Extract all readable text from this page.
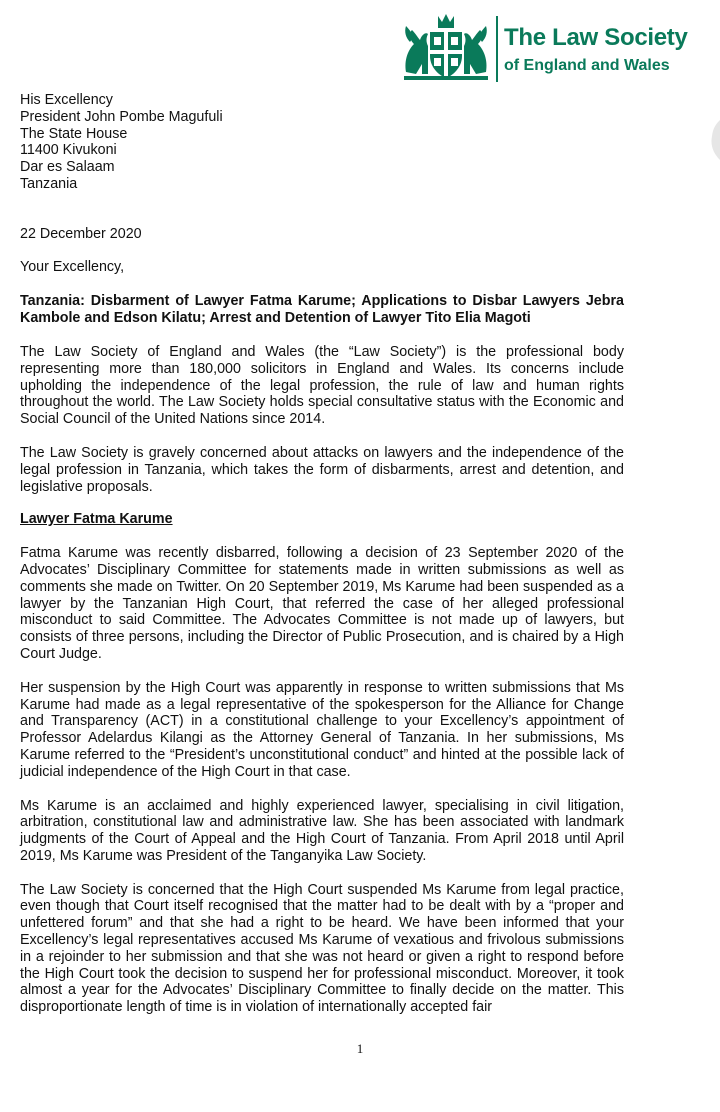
The Law Society
of England and Wales
His Excellency
President John Pombe Magufuli
The State House
11400 Kivukoni
Dar es Salaam
Tanzania
22 December 2020
Your Excellency,
Tanzania: Disbarment of Lawyer Fatma Karume; Applications to Disbar Lawyers Jebra Kambole and Edson Kilatu; Arrest and Detention of Lawyer Tito Elia Magoti
The Law Society of England and Wales (the “Law Society”) is the professional body representing more than 180,000 solicitors in England and Wales. Its concerns include upholding the independence of the legal profession, the rule of law and human rights throughout the world. The Law Society holds special consultative status with the Economic and Social Council of the United Nations since 2014.
The Law Society is gravely concerned about attacks on lawyers and the independence of the legal profession in Tanzania, which takes the form of disbarments, arrest and detention, and legislative proposals.
Lawyer Fatma Karume
Fatma Karume was recently disbarred, following a decision of 23 September 2020 of the Advocates’ Disciplinary Committee for statements made in written submissions as well as comments she made on Twitter. On 20 September 2019, Ms Karume had been suspended as a lawyer by the Tanzanian High Court, that referred the case of her alleged professional misconduct to said Committee. The Advocates Committee is not made up of lawyers, but consists of three persons, including the Director of Public Prosecution, and is chaired by a High Court Judge.
Her suspension by the High Court was apparently in response to written submissions that Ms Karume had made as a legal representative of the spokesperson for the Alliance for Change and Transparency (ACT) in a constitutional challenge to your Excellency’s appointment of Professor Adelardus Kilangi as the Attorney General of Tanzania. In her submissions, Ms Karume referred to the “President’s unconstitutional conduct” and hinted at the possible lack of judicial independence of the High Court in that case.
Ms Karume is an acclaimed and highly experienced lawyer, specialising in civil litigation, arbitration, constitutional law and administrative law. She has been associated with landmark judgments of the Court of Appeal and the High Court of Tanzania. From April 2018 until April 2019, Ms Karume was President of the Tanganyika Law Society.
The Law Society is concerned that the High Court suspended Ms Karume from legal practice, even though that Court itself recognised that the matter had to be dealt with by a “proper and unfettered forum” and that she had a right to be heard. We have been informed that your Excellency’s legal representatives accused Ms Karume of vexatious and frivolous submissions in a rejoinder to her submission and that she was not heard or given a right to respond before the High Court took the decision to suspend her for professional misconduct. Moreover, it took almost a year for the Advocates’ Disciplinary Committee to finally decide on the matter. This disproportionate length of time is in violation of internationally accepted fair
1
